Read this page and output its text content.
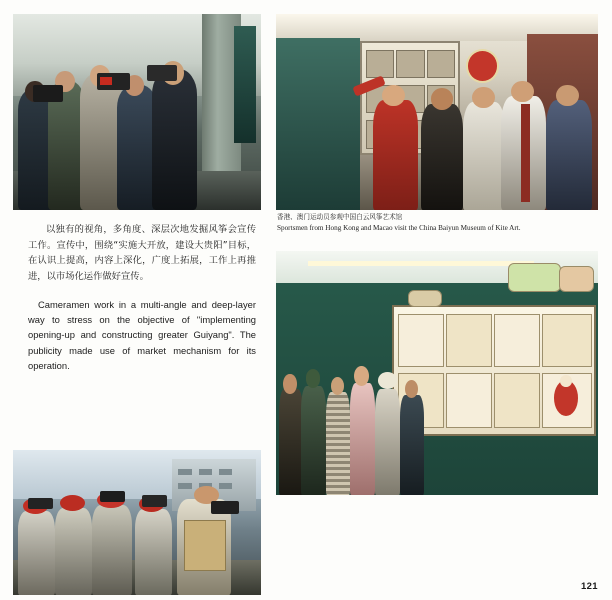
香港、澳门运动员参观中国白云风筝艺术馆

Sportsmen from Hong Kong and Macao visit the China Baiyun Museum of Kite Art.

以独有的视角，多角度、深层次地发掘风筝会宣传工作。宣传中，围绕“实施大开放，建设大贵阳”目标，在认识上提高，内容上深化，广度上拓展，工作上再推进，以市场化运作做好宣传。

Cameramen work in a multi-angle and deep-layer way to stress on the objective of "implementing opening-up and constructing greater Guiyang". The publicity made use of market mechanism for its operation.

121
